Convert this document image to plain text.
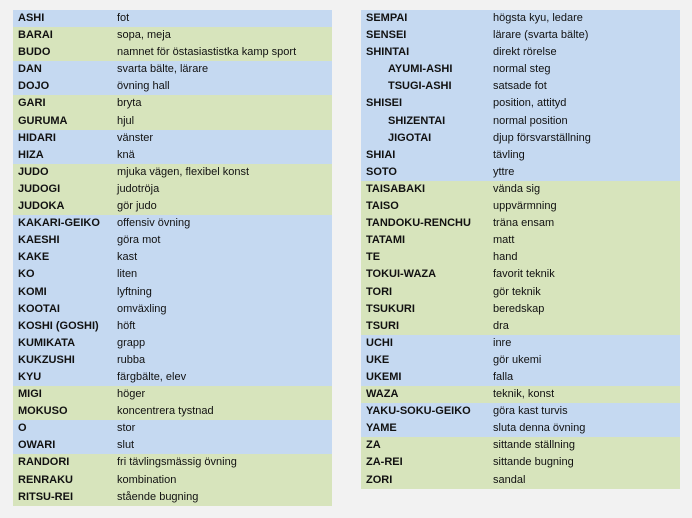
ASHI	fot
BARAI	sopa, meja
BUDO	namnet för östasiastistka kamp sport
DAN	svarta bälte, lärare
DOJO	övning hall
GARI	bryta
GURUMA	hjul
HIDARI	vänster
HIZA	knä
JUDO	mjuka vägen, flexibel konst
JUDOGI	judotröja
JUDOKA	gör judo
KAKARI-GEIKO offensiv övning
KAESHI	göra mot
KAKE	kast
KO	liten
KOMI	lyftning
KOOTAI	omväxling
KOSHI (GOSHI) höft
KUMIKATA	grapp
KUKZUSHI	rubba
KYU	färgbälte, elev
MIGI	höger
MOKUSO	koncentrera tystnad
O	stor
OWARI	slut
RANDORI	fri tävlingsmässig övning
RENRAKU	kombination
RITSU-REI	stående bugning
SEMPAI	högsta kyu, ledare
SENSEI	lärare (svarta bälte)
SHINTAI	direkt rörelse
AYUMI-ASHI	normal steg
TSUGI-ASHI	satsade fot
SHISEI	position, attityd
SHIZENTAI	normal position
JIGOTAI	djup försvarställning
SHIAI	tävling
SOTO	yttre
TAISABAKI	vända sig
TAISO	uppvärmning
TANDOKU-RENCHU träna ensam
TATAMI	matt
TE	hand
TOKUI-WAZA	favorit teknik
TORI	gör teknik
TSUKURI	beredskap
TSURI	dra
UCHI	inre
UKE	gör ukemi
UKEMI	falla
WAZA	teknik, konst
YAKU-SOKU-GEIKO göra kast turvis
YAME	sluta denna övning
ZA	sittande ställning
ZA-REI	sittande bugning
ZORI	sandal
